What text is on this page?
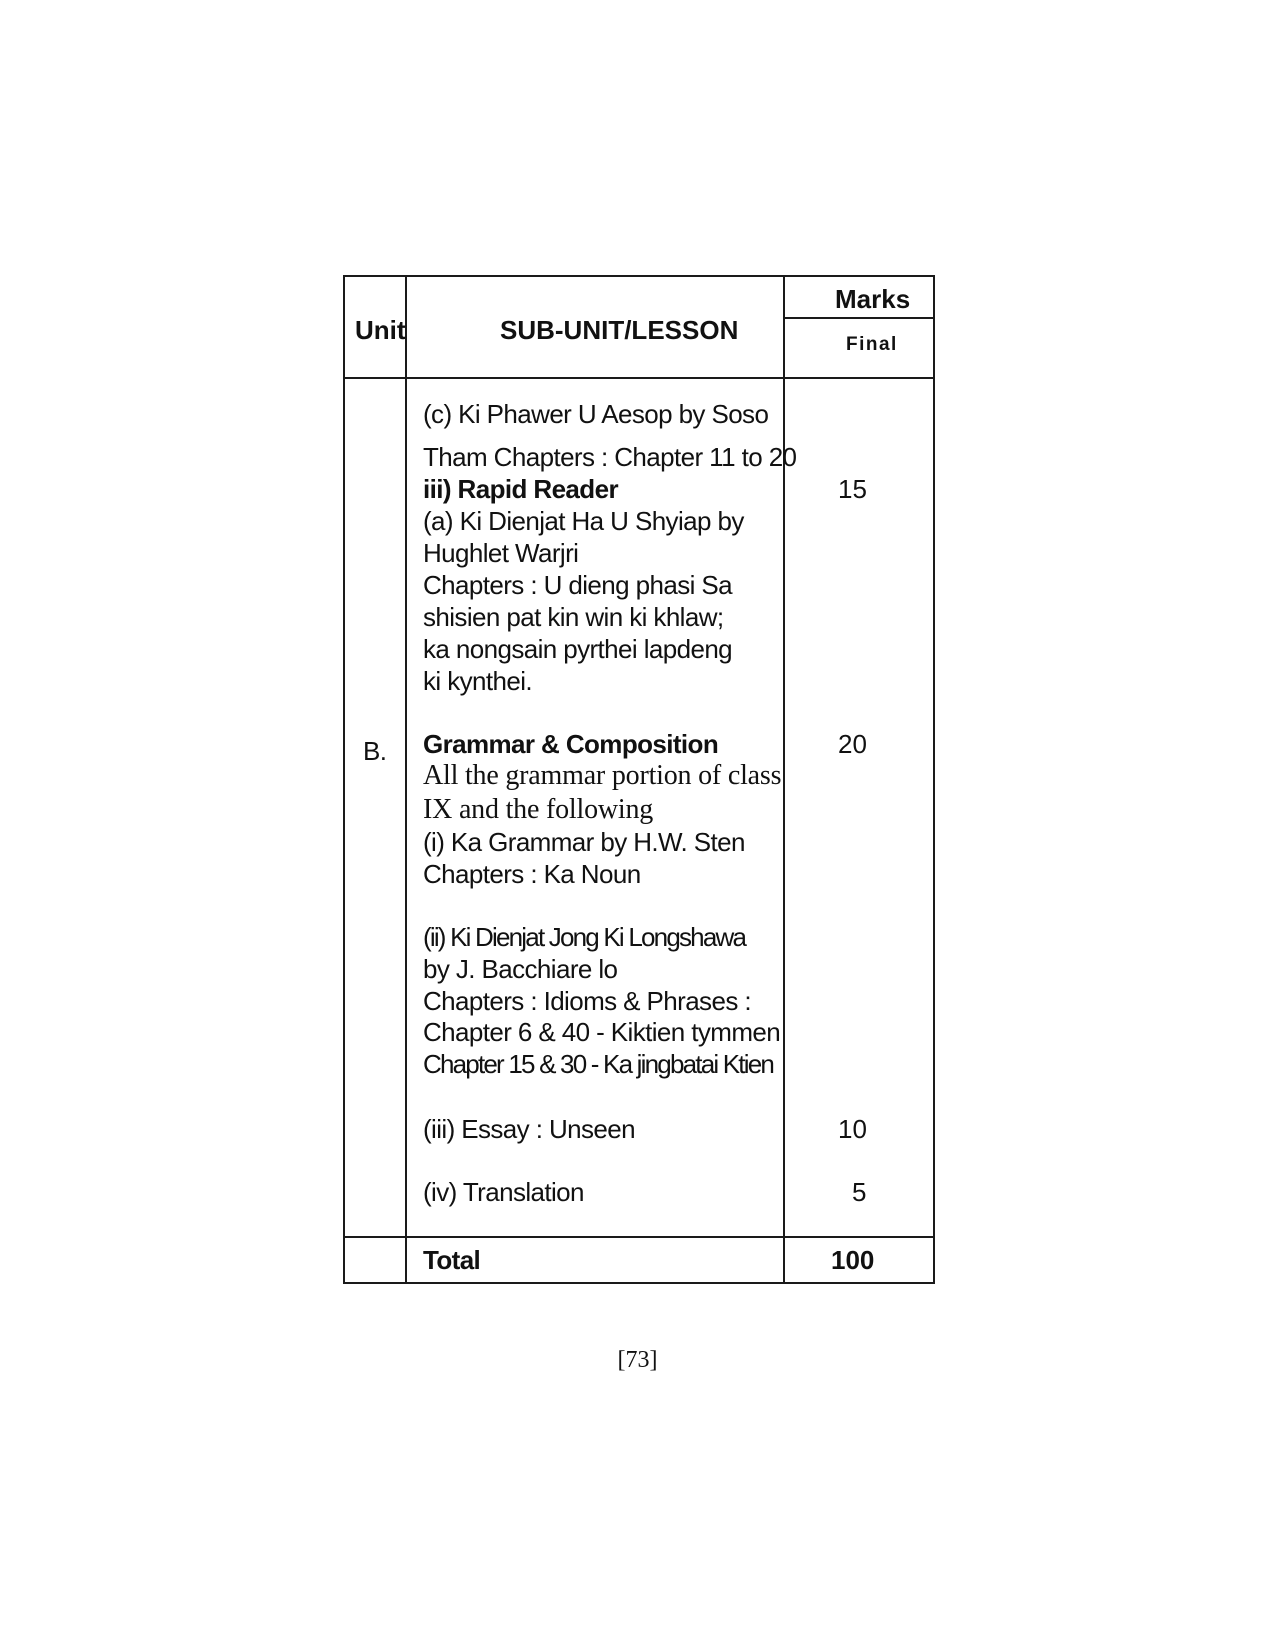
Unit	SUB-UNIT/LESSON
Marks
Final
B.
(c) Ki Phawer U Aesop by Soso
Tham Chapters : Chapter 11 to 20
iii) Rapid Reader
(a) Ki Dienjat Ha U Shyiap by
Hughlet Warjri
Chapters : U dieng phasi Sa
shisien pat kin win ki khlaw;
ka nongsain pyrthei lapdeng
ki kynthei.
Grammar & Composition
All the grammar portion of class
IX and the following
(i) Ka Grammar by H.W. Sten
Chapters : Ka Noun
(ii) Ki Dienjat Jong Ki Longshawa
by J. Bacchiare lo
Chapters : Idioms & Phrases :
Chapter 6 & 40 - Kiktien tymmen
Chapter 15 & 30 - Ka jingbatai Ktien
(iii) Essay : Unseen
(iv) Translation
15
20
10
5
Total	100
[73]
